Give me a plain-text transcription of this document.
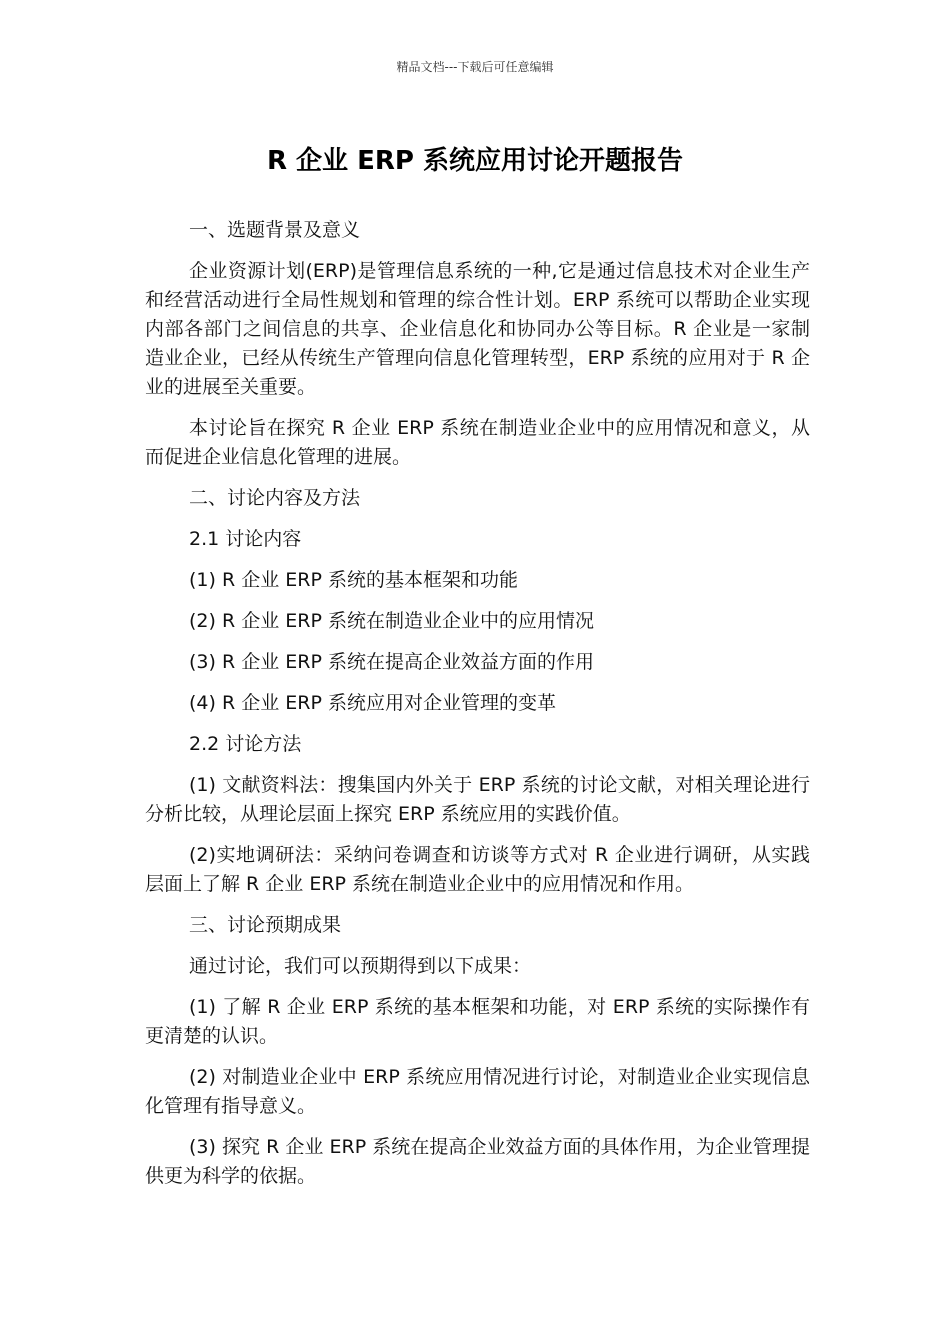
精品文档---下载后可任意编辑
R 企业 ERP 系统应用讨论开题报告

一、选题背景及意义

企业资源计划(ERP)是管理信息系统的一种,它是通过信息技术对企业生产和经营活动进行全局性规划和管理的综合性计划。ERP 系统可以帮助企业实现内部各部门之间信息的共享、企业信息化和协同办公等目标。R 企业是一家制造业企业，已经从传统生产管理向信息化管理转型，ERP 系统的应用对于 R 企业的进展至关重要。

本讨论旨在探究 R 企业 ERP 系统在制造业企业中的应用情况和意义，从而促进企业信息化管理的进展。

二、讨论内容及方法

2.1 讨论内容

(1) R 企业 ERP 系统的基本框架和功能

(2) R 企业 ERP 系统在制造业企业中的应用情况

(3) R 企业 ERP 系统在提高企业效益方面的作用

(4) R 企业 ERP 系统应用对企业管理的变革

2.2 讨论方法

(1) 文献资料法：搜集国内外关于 ERP 系统的讨论文献，对相关理论进行分析比较，从理论层面上探究 ERP 系统应用的实践价值。

(2)实地调研法：采纳问卷调查和访谈等方式对 R 企业进行调研，从实践层面上了解 R 企业 ERP 系统在制造业企业中的应用情况和作用。

三、讨论预期成果

通过讨论，我们可以预期得到以下成果：

(1) 了解 R 企业 ERP 系统的基本框架和功能，对 ERP 系统的实际操作有更清楚的认识。

(2) 对制造业企业中 ERP 系统应用情况进行讨论，对制造业企业实现信息化管理有指导意义。

(3) 探究 R 企业 ERP 系统在提高企业效益方面的具体作用，为企业管理提供更为科学的依据。
